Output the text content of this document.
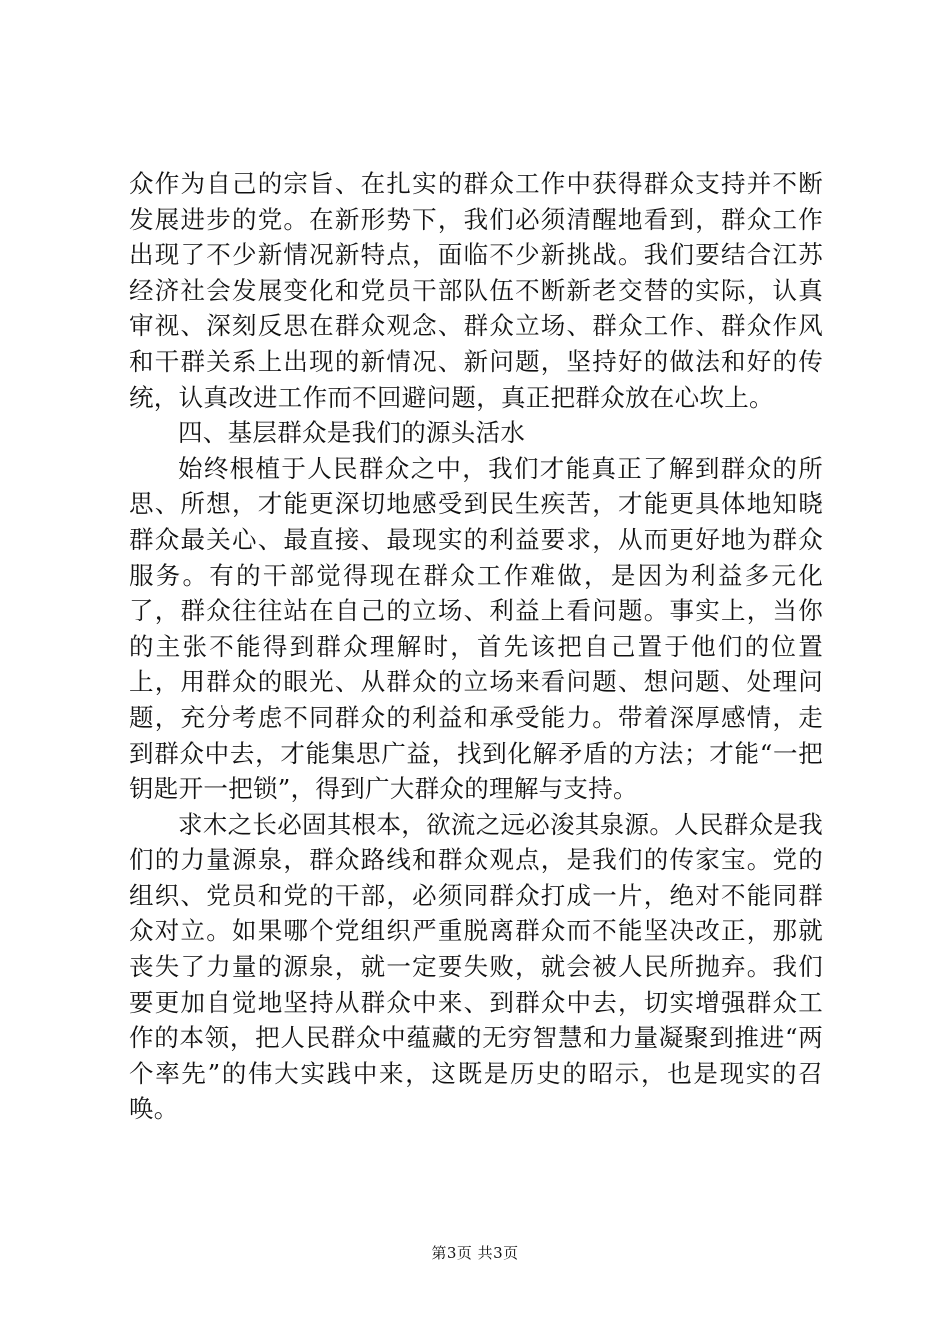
众作为自己的宗旨、在扎实的群众工作中获得群众支持并不断发展进步的党。在新形势下，我们必须清醒地看到，群众工作出现了不少新情况新特点，面临不少新挑战。我们要结合江苏经济社会发展变化和党员干部队伍不断新老交替的实际，认真审视、深刻反思在群众观念、群众立场、群众工作、群众作风和干群关系上出现的新情况、新问题，坚持好的做法和好的传统，认真改进工作而不回避问题，真正把群众放在心坎上。

四、基层群众是我们的源头活水

始终根植于人民群众之中，我们才能真正了解到群众的所思、所想，才能更深切地感受到民生疾苦，才能更具体地知晓群众最关心、最直接、最现实的利益要求，从而更好地为群众服务。有的干部觉得现在群众工作难做，是因为利益多元化了，群众往往站在自己的立场、利益上看问题。事实上，当你的主张不能得到群众理解时，首先该把自己置于他们的位置上，用群众的眼光、从群众的立场来看问题、想问题、处理问题，充分考虑不同群众的利益和承受能力。带着深厚感情，走到群众中去，才能集思广益，找到化解矛盾的方法；才能“一把钥匙开一把锁”，得到广大群众的理解与支持。

求木之长必固其根本，欲流之远必浚其泉源。人民群众是我们的力量源泉，群众路线和群众观点，是我们的传家宝。党的组织、党员和党的干部，必须同群众打成一片，绝对不能同群众对立。如果哪个党组织严重脱离群众而不能坚决改正，那就丧失了力量的源泉，就一定要失败，就会被人民所抛弃。我们要更加自觉地坚持从群众中来、到群众中去，切实增强群众工作的本领，把人民群众中蕴藏的无穷智慧和力量凝聚到推进“两个率先”的伟大实践中来，这既是历史的昭示，也是现实的召唤。

第3页 共3页
